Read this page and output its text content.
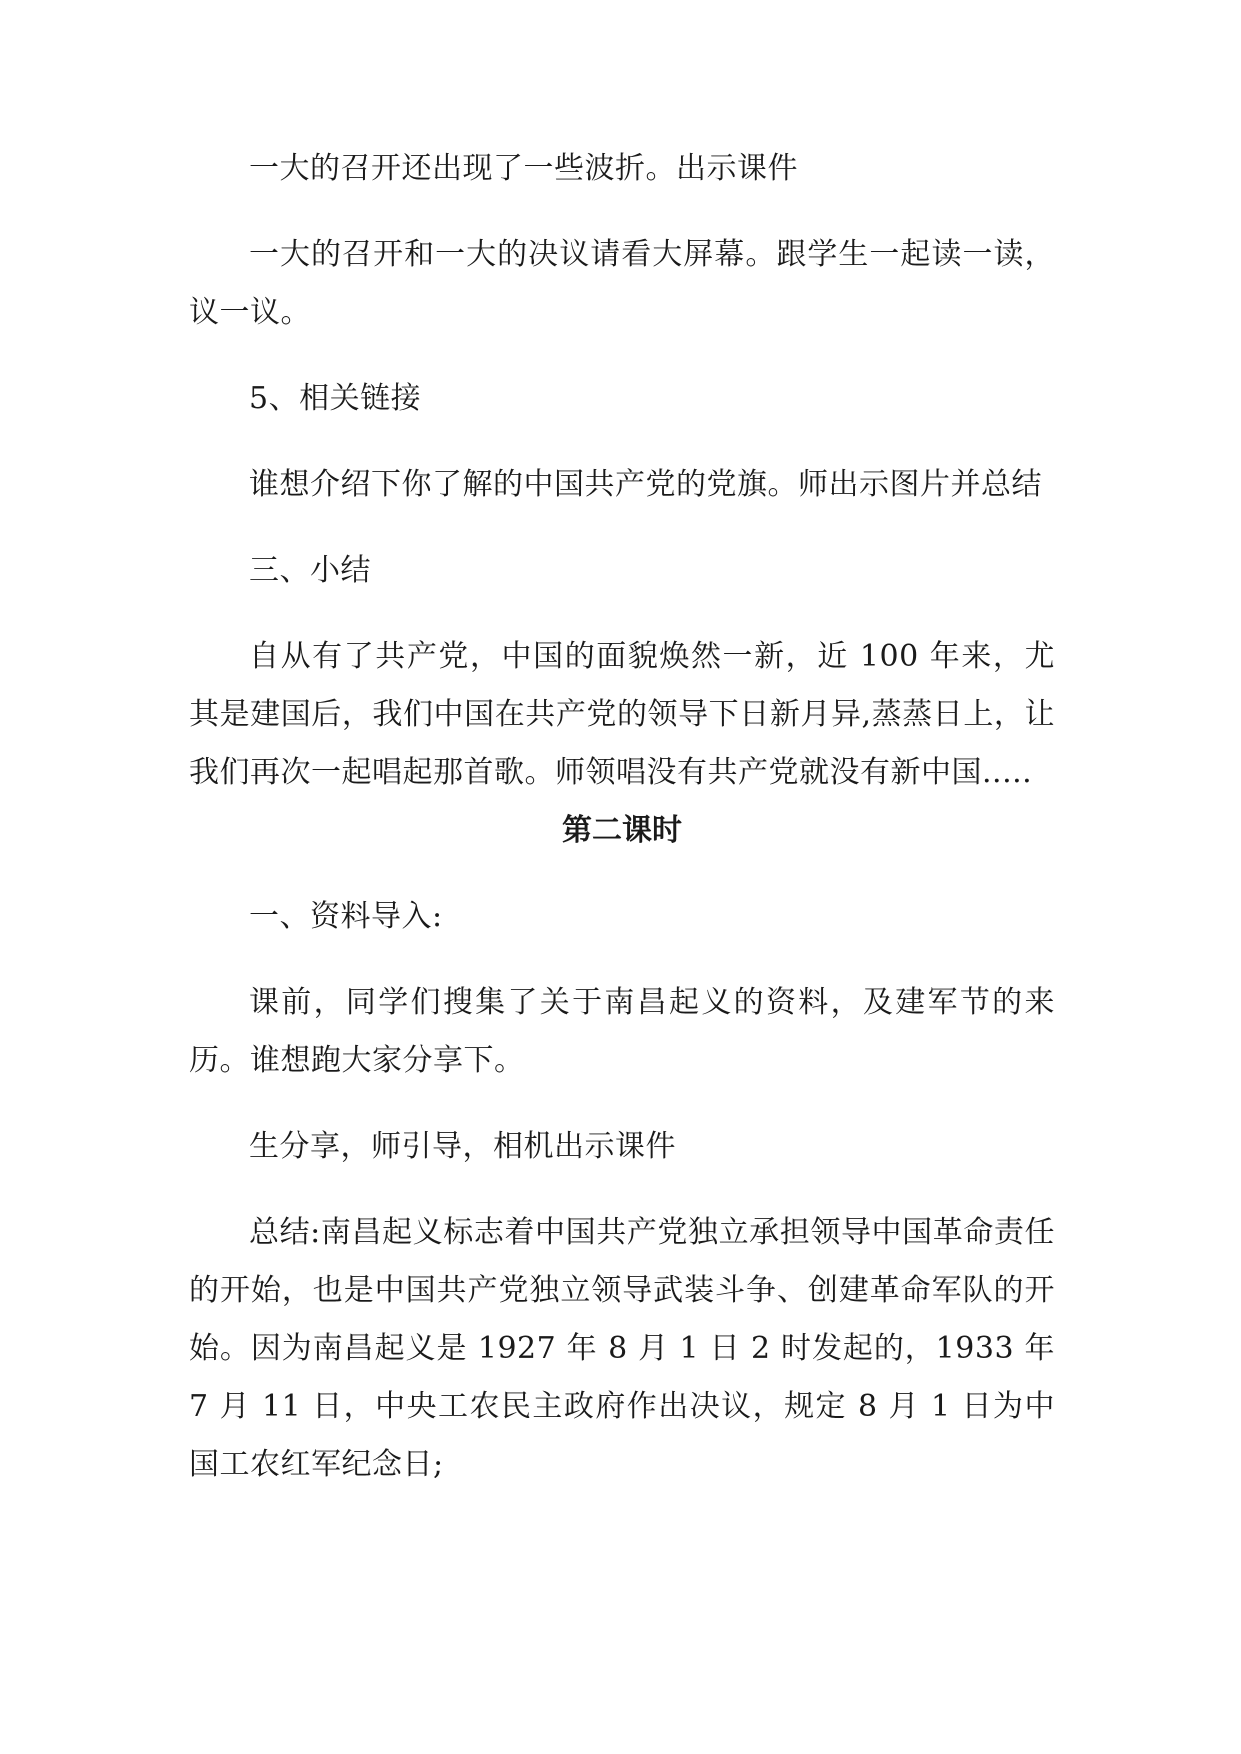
一大的召开还出现了一些波折。出示课件

一大的召开和一大的决议请看大屏幕。跟学生一起读一读，议一议。

5、相关链接

谁想介绍下你了解的中国共产党的党旗。师出示图片并总结

三、小结

自从有了共产党，中国的面貌焕然一新，近 100 年来，尤其是建国后，我们中国在共产党的领导下日新月异,蒸蒸日上，让我们再次一起唱起那首歌。师领唱没有共产党就没有新中国.....

第二课时

一、资料导入:

课前，同学们搜集了关于南昌起义的资料，及建军节的来历。谁想跑大家分享下。

生分享，师引导，相机出示课件

总结:南昌起义标志着中国共产党独立承担领导中国革命责任的开始，也是中国共产党独立领导武装斗争、创建革命军队的开始。因为南昌起义是 1927 年 8 月 1 日 2 时发起的，1933 年 7 月 11 日，中央工农民主政府作出决议，规定 8 月 1 日为中国工农红军纪念日;
